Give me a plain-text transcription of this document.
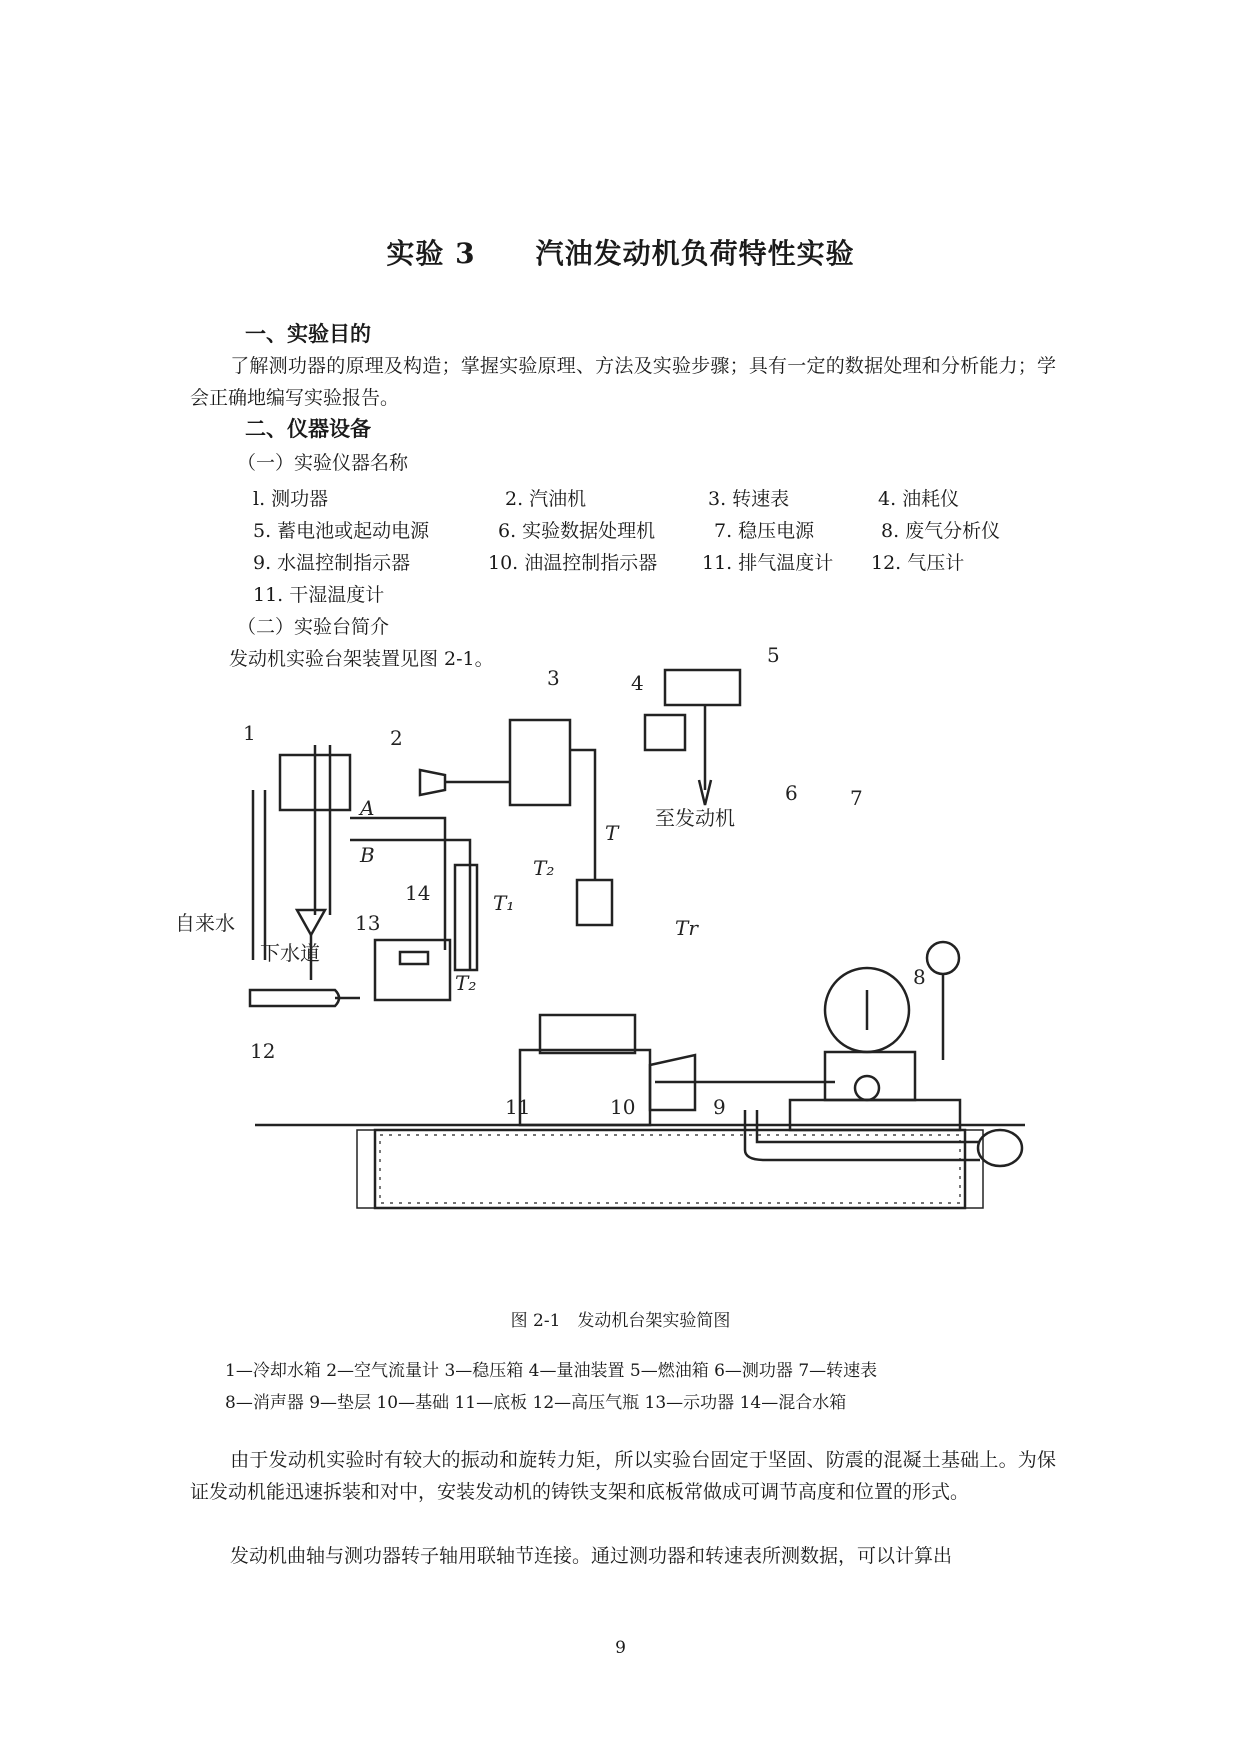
实验 3 汽油发动机负荷特性实验
一、实验目的
了解测功器的原理及构造；掌握实验原理、方法及实验步骤；具有一定的数据处理和分析能力；学会正确地编写实验报告。
二、仪器设备
（一）实验仪器名称
l. 测功器	2. 汽油机	3. 转速表	4. 油耗仪
5. 蓄电池或起动电源	6. 实验数据处理机	7. 稳压电源	8. 废气分析仪
9. 水温控制指示器	10. 油温控制指示器 11. 排气温度计 12. 气压计
11. 干湿温度计
（二）实验台简介
发动机实验台架装置见图 2-1。
1	2
3	4
5
6	7
8
9
10
11
12
13
14
自来水
下水道
至发动机
A
B
T
T₂
T₁
Tr
T₂
图 2-1　发动机台架实验简图
1—冷却水箱 2—空气流量计 3—稳压箱 4—量油装置 5—燃油箱 6—测功器 7—转速表
8—消声器 9—垫层 10—基础 11—底板 12—高压气瓶 13—示功器 14—混合水箱
由于发动机实验时有较大的振动和旋转力矩，所以实验台固定于坚固、防震的混凝土基础上。为保证发动机能迅速拆装和对中，安装发动机的铸铁支架和底板常做成可调节高度和位置的形式。
发动机曲轴与测功器转子轴用联轴节连接。通过测功器和转速表所测数据，可以计算出
9
